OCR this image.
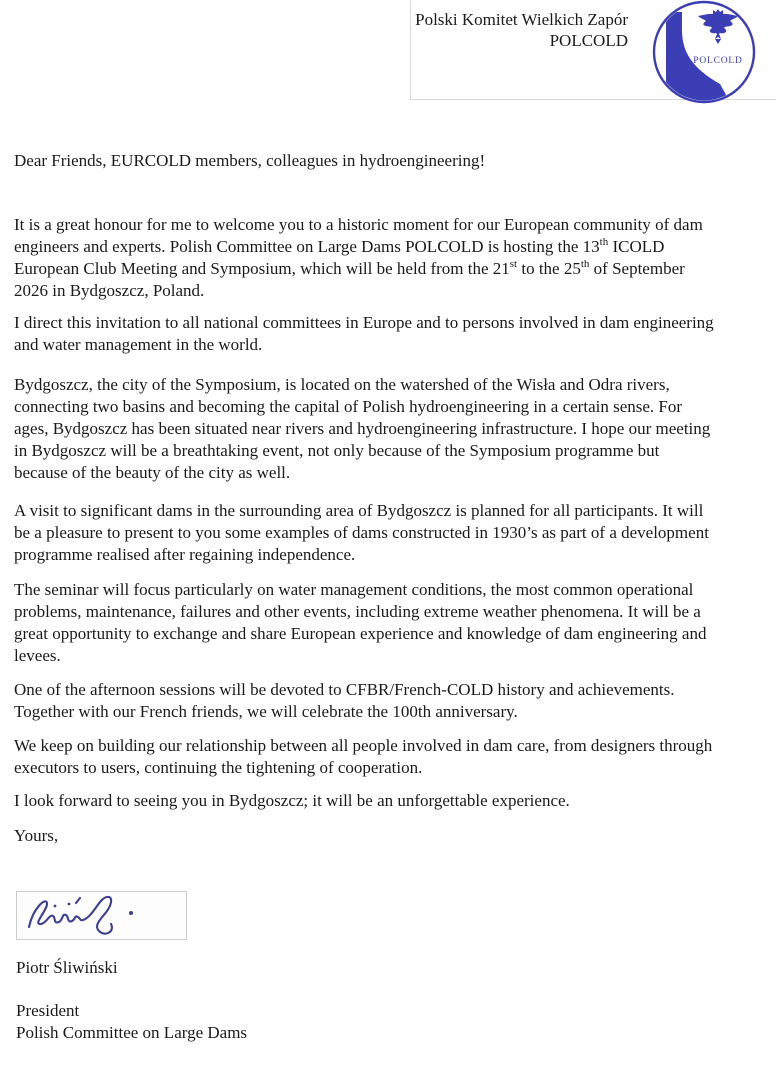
Polski Komitet Wielkich Zapór
POLCOLD
POLCOLD
Dear Friends, EURCOLD members, colleagues in hydroengineering!
It is a great honour for me to welcome you to a historic moment for our European community of dam
engineers and experts. Polish Committee on Large Dams POLCOLD is hosting the 13th ICOLD
European Club Meeting and Symposium, which will be held from the 21st to the 25th of September
2026 in Bydgoszcz, Poland.
I direct this invitation to all national committees in Europe and to persons involved in dam engineering
and water management in the world.
Bydgoszcz, the city of the Symposium, is located on the watershed of the Wisła and Odra rivers,
connecting two basins and becoming the capital of Polish hydroengineering in a certain sense. For
ages, Bydgoszcz has been situated near rivers and hydroengineering infrastructure. I hope our meeting
in Bydgoszcz will be a breathtaking event, not only because of the Symposium programme but
because of the beauty of the city as well.
A visit to significant dams in the surrounding area of Bydgoszcz is planned for all participants. It will
be a pleasure to present to you some examples of dams constructed in 1930’s as part of a development
programme realised after regaining independence.
The seminar will focus particularly on water management conditions, the most common operational
problems, maintenance, failures and other events, including extreme weather phenomena. It will be a
great opportunity to exchange and share European experience and knowledge of dam engineering and
levees.
One of the afternoon sessions will be devoted to CFBR/French-COLD history and achievements.
Together with our French friends, we will celebrate the 100th anniversary.
We keep on building our relationship between all people involved in dam care, from designers through
executors to users, continuing the tightening of cooperation.
I look forward to seeing you in Bydgoszcz; it will be an unforgettable experience.
Yours,
Piotr Śliwiński
President
Polish Committee on Large Dams
